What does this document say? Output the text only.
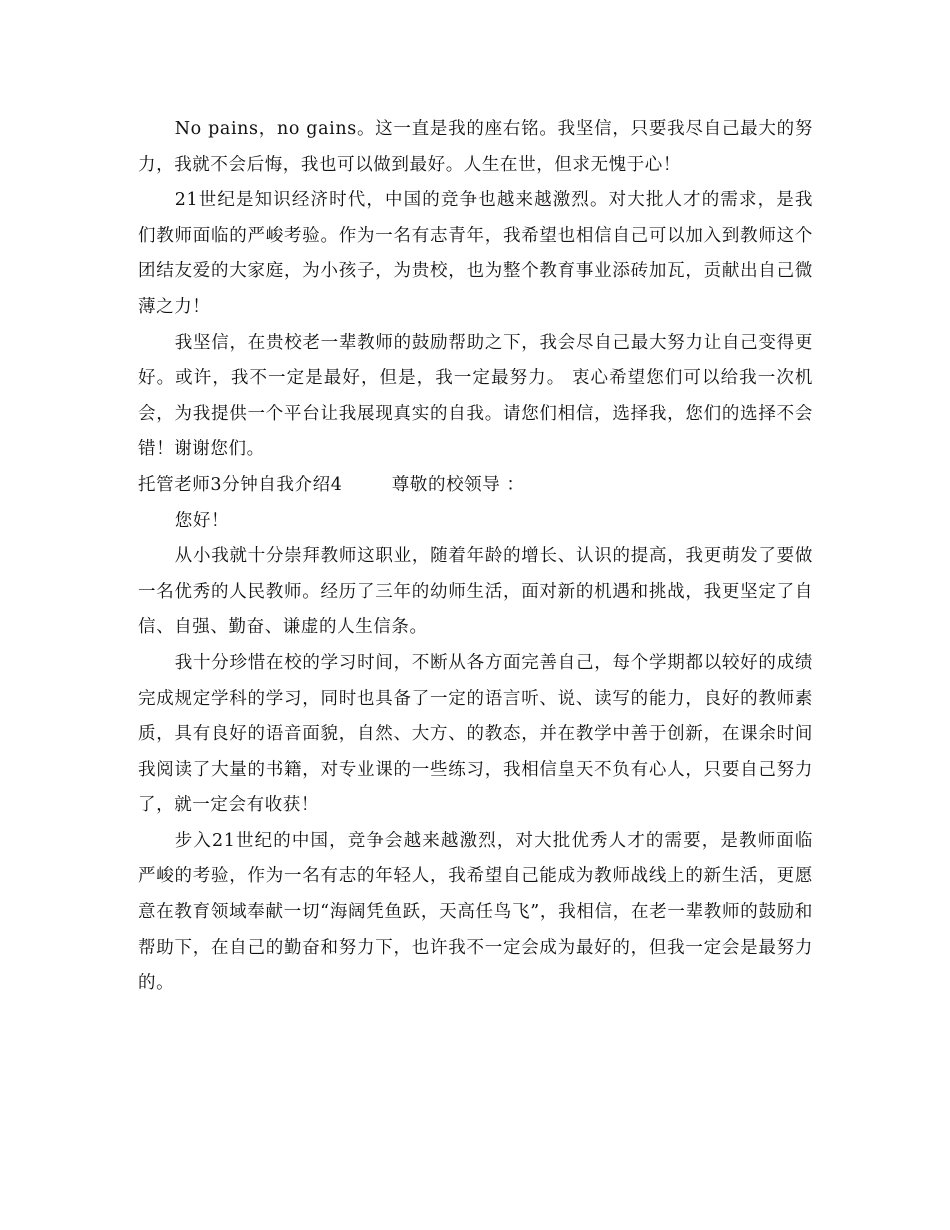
No pains，no gains。这一直是我的座右铭。我坚信，只要我尽自己最大的努力，我就不会后悔，我也可以做到最好。人生在世，但求无愧于心！

21世纪是知识经济时代，中国的竞争也越来越激烈。对大批人才的需求，是我们教师面临的严峻考验。作为一名有志青年，我希望也相信自己可以加入到教师这个团结友爱的大家庭，为小孩子，为贵校，也为整个教育事业添砖加瓦，贡献出自己微薄之力！

我坚信，在贵校老一辈教师的鼓励帮助之下，我会尽自己最大努力让自己变得更好。或许，我不一定是最好，但是，我一定最努力。 衷心希望您们可以给我一次机会，为我提供一个平台让我展现真实的自我。请您们相信，选择我，您们的选择不会错！谢谢您们。

托管老师3分钟自我介绍4        尊敬的校领导 ：

您好！

从小我就十分崇拜教师这职业，随着年龄的增长、认识的提高，我更萌发了要做一名优秀的人民教师。经历了三年的幼师生活，面对新的机遇和挑战，我更坚定了自信、自强、勤奋、谦虚的人生信条。

我十分珍惜在校的学习时间，不断从各方面完善自己，每个学期都以较好的成绩完成规定学科的学习，同时也具备了一定的语言听、说、读写的能力，良好的教师素质，具有良好的语音面貌，自然、大方、的教态，并在教学中善于创新，在课余时间我阅读了大量的书籍，对专业课的一些练习，我相信皇天不负有心人，只要自己努力了，就一定会有收获！

步入21世纪的中国，竞争会越来越激烈，对大批优秀人才的需要，是教师面临严峻的考验，作为一名有志的年轻人，我希望自己能成为教师战线上的新生活，更愿意在教育领域奉献一切“海阔凭鱼跃，天高任鸟飞”，我相信，在老一辈教师的鼓励和帮助下，在自己的勤奋和努力下，也许我不一定会成为最好的，但我一定会是最努力的。
